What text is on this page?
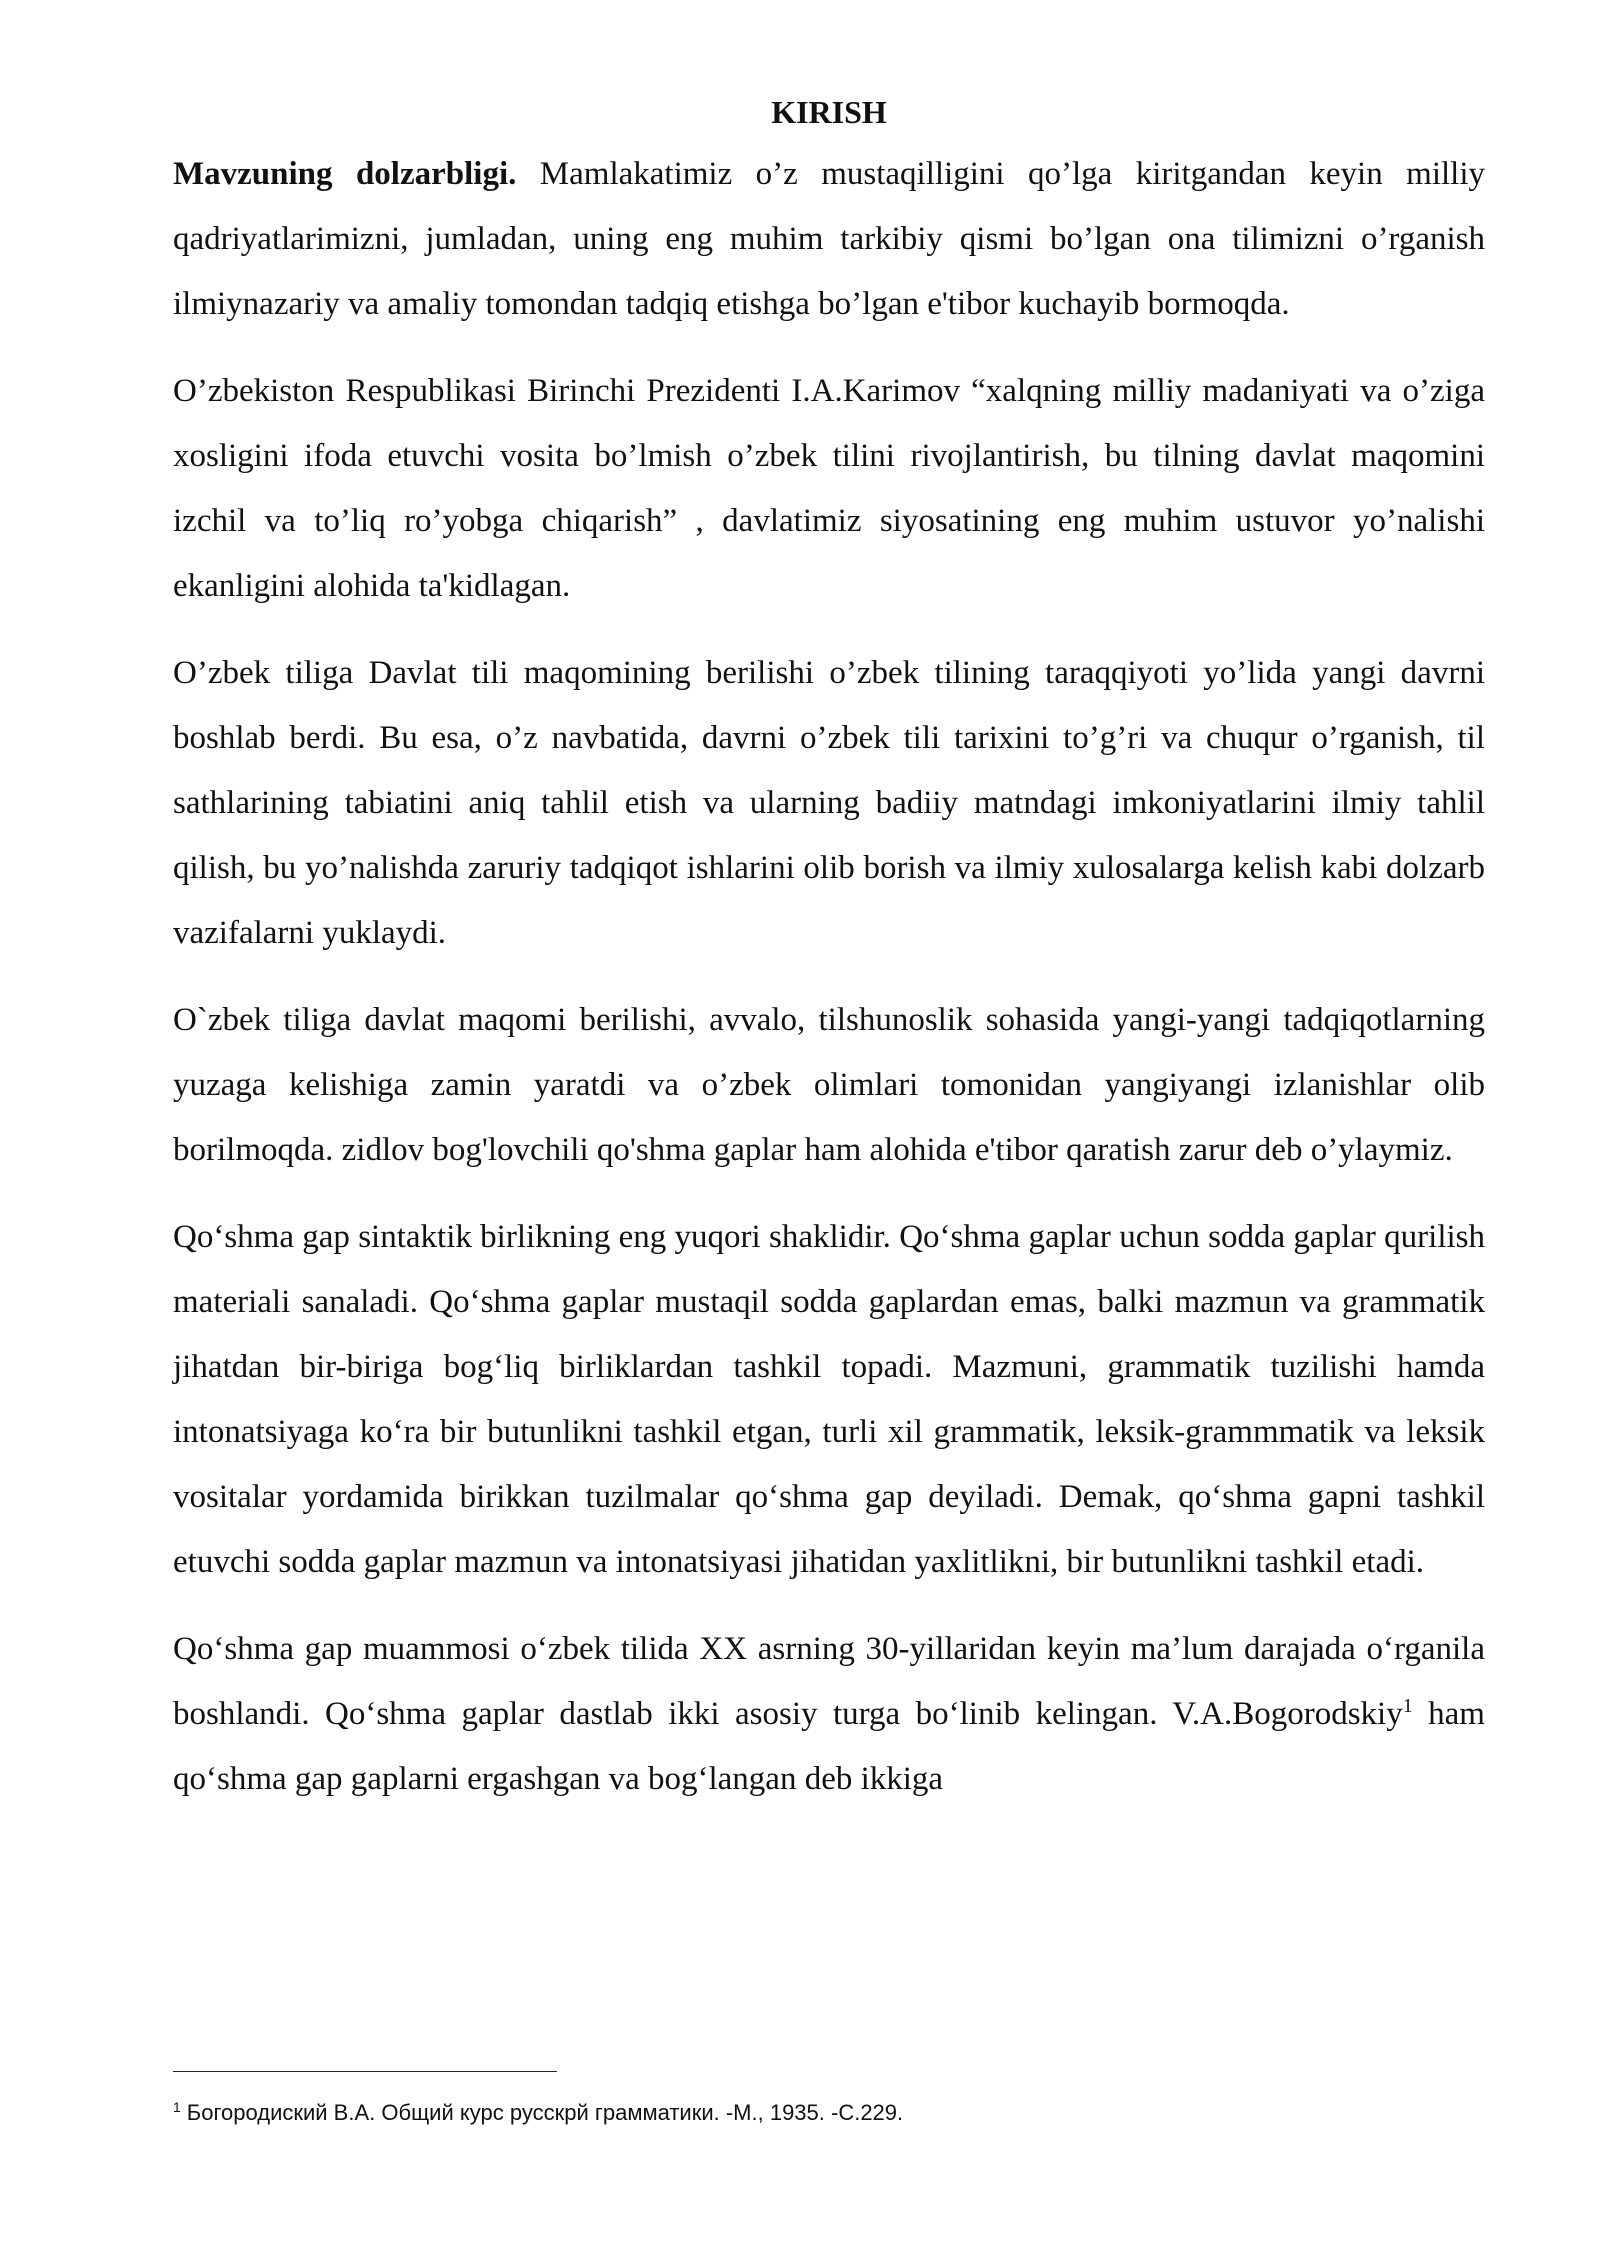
KIRISH

Mavzuning dolzarbligi. Mamlakatimiz o’z mustaqilligini qo’lga kiritgandan keyin milliy qadriyatlarimizni, jumladan, uning eng muhim tarkibiy qismi bo’lgan ona tilimizni o’rganish ilmiynazariy va amaliy tomondan tadqiq etishga bo’lgan e'tibor kuchayib bormoqda.

O’zbekiston Respublikasi Birinchi Prezidenti I.A.Karimov “xalqning milliy madaniyati va o’ziga xosligini ifoda etuvchi vosita bo’lmish o’zbek tilini rivojlantirish, bu tilning davlat maqomini izchil va to’liq ro’yobga chiqarish” , davlatimiz siyosatining eng muhim ustuvor yo’nalishi ekanligini alohida ta'kidlagan.

O’zbek tiliga Davlat tili maqomining berilishi o’zbek tilining taraqqiyoti yo’lida yangi davrni boshlab berdi. Bu esa, o’z navbatida, davrni o’zbek tili tarixini to’g’ri va chuqur o’rganish, til sathlarining tabiatini aniq tahlil etish va ularning badiiy matndagi imkoniyatlarini ilmiy tahlil qilish, bu yo’nalishda zaruriy tadqiqot ishlarini olib borish va ilmiy xulosalarga kelish kabi dolzarb vazifalarni yuklaydi.

O`zbek tiliga davlat maqomi berilishi, avvalo, tilshunoslik sohasida yangi-yangi tadqiqotlarning yuzaga kelishiga zamin yaratdi va o’zbek olimlari tomonidan yangiyangi izlanishlar olib borilmoqda. zidlov bog'lovchili qo'shma gaplar ham alohida e'tibor qaratish zarur deb o’ylaymiz.

Qo‘shma gap sintaktik birlikning eng yuqori shaklidir. Qo‘shma gaplar uchun sodda gaplar qurilish materiali sanaladi. Qo‘shma gaplar mustaqil sodda gaplardan emas, balki mazmun va grammatik jihatdan bir-biriga bog‘liq birliklardan tashkil topadi. Mazmuni, grammatik tuzilishi hamda intonatsiyaga ko‘ra bir butunlikni tashkil etgan, turli xil grammatik, leksik-grammmatik va leksik vositalar yordamida birikkan tuzilmalar qo‘shma gap deyiladi. Demak, qo‘shma gapni tashkil etuvchi sodda gaplar mazmun va intonatsiyasi jihatidan yaxlitlikni, bir butunlikni tashkil etadi.

Qo‘shma gap muammosi o‘zbek tilida XX asrning 30-yillaridan keyin ma’lum darajada o‘rganila boshlandi. Qo‘shma gaplar dastlab ikki asosiy turga bo‘linib kelingan. V.A.Bogorodskiy$^1$ ham qo‘shma gap gaplarni ergashgan va bog‘langan deb ikkiga

$^1$ Богородиский В.А. Общий курс русскрй грамматики. -М., 1935. -С.229.
